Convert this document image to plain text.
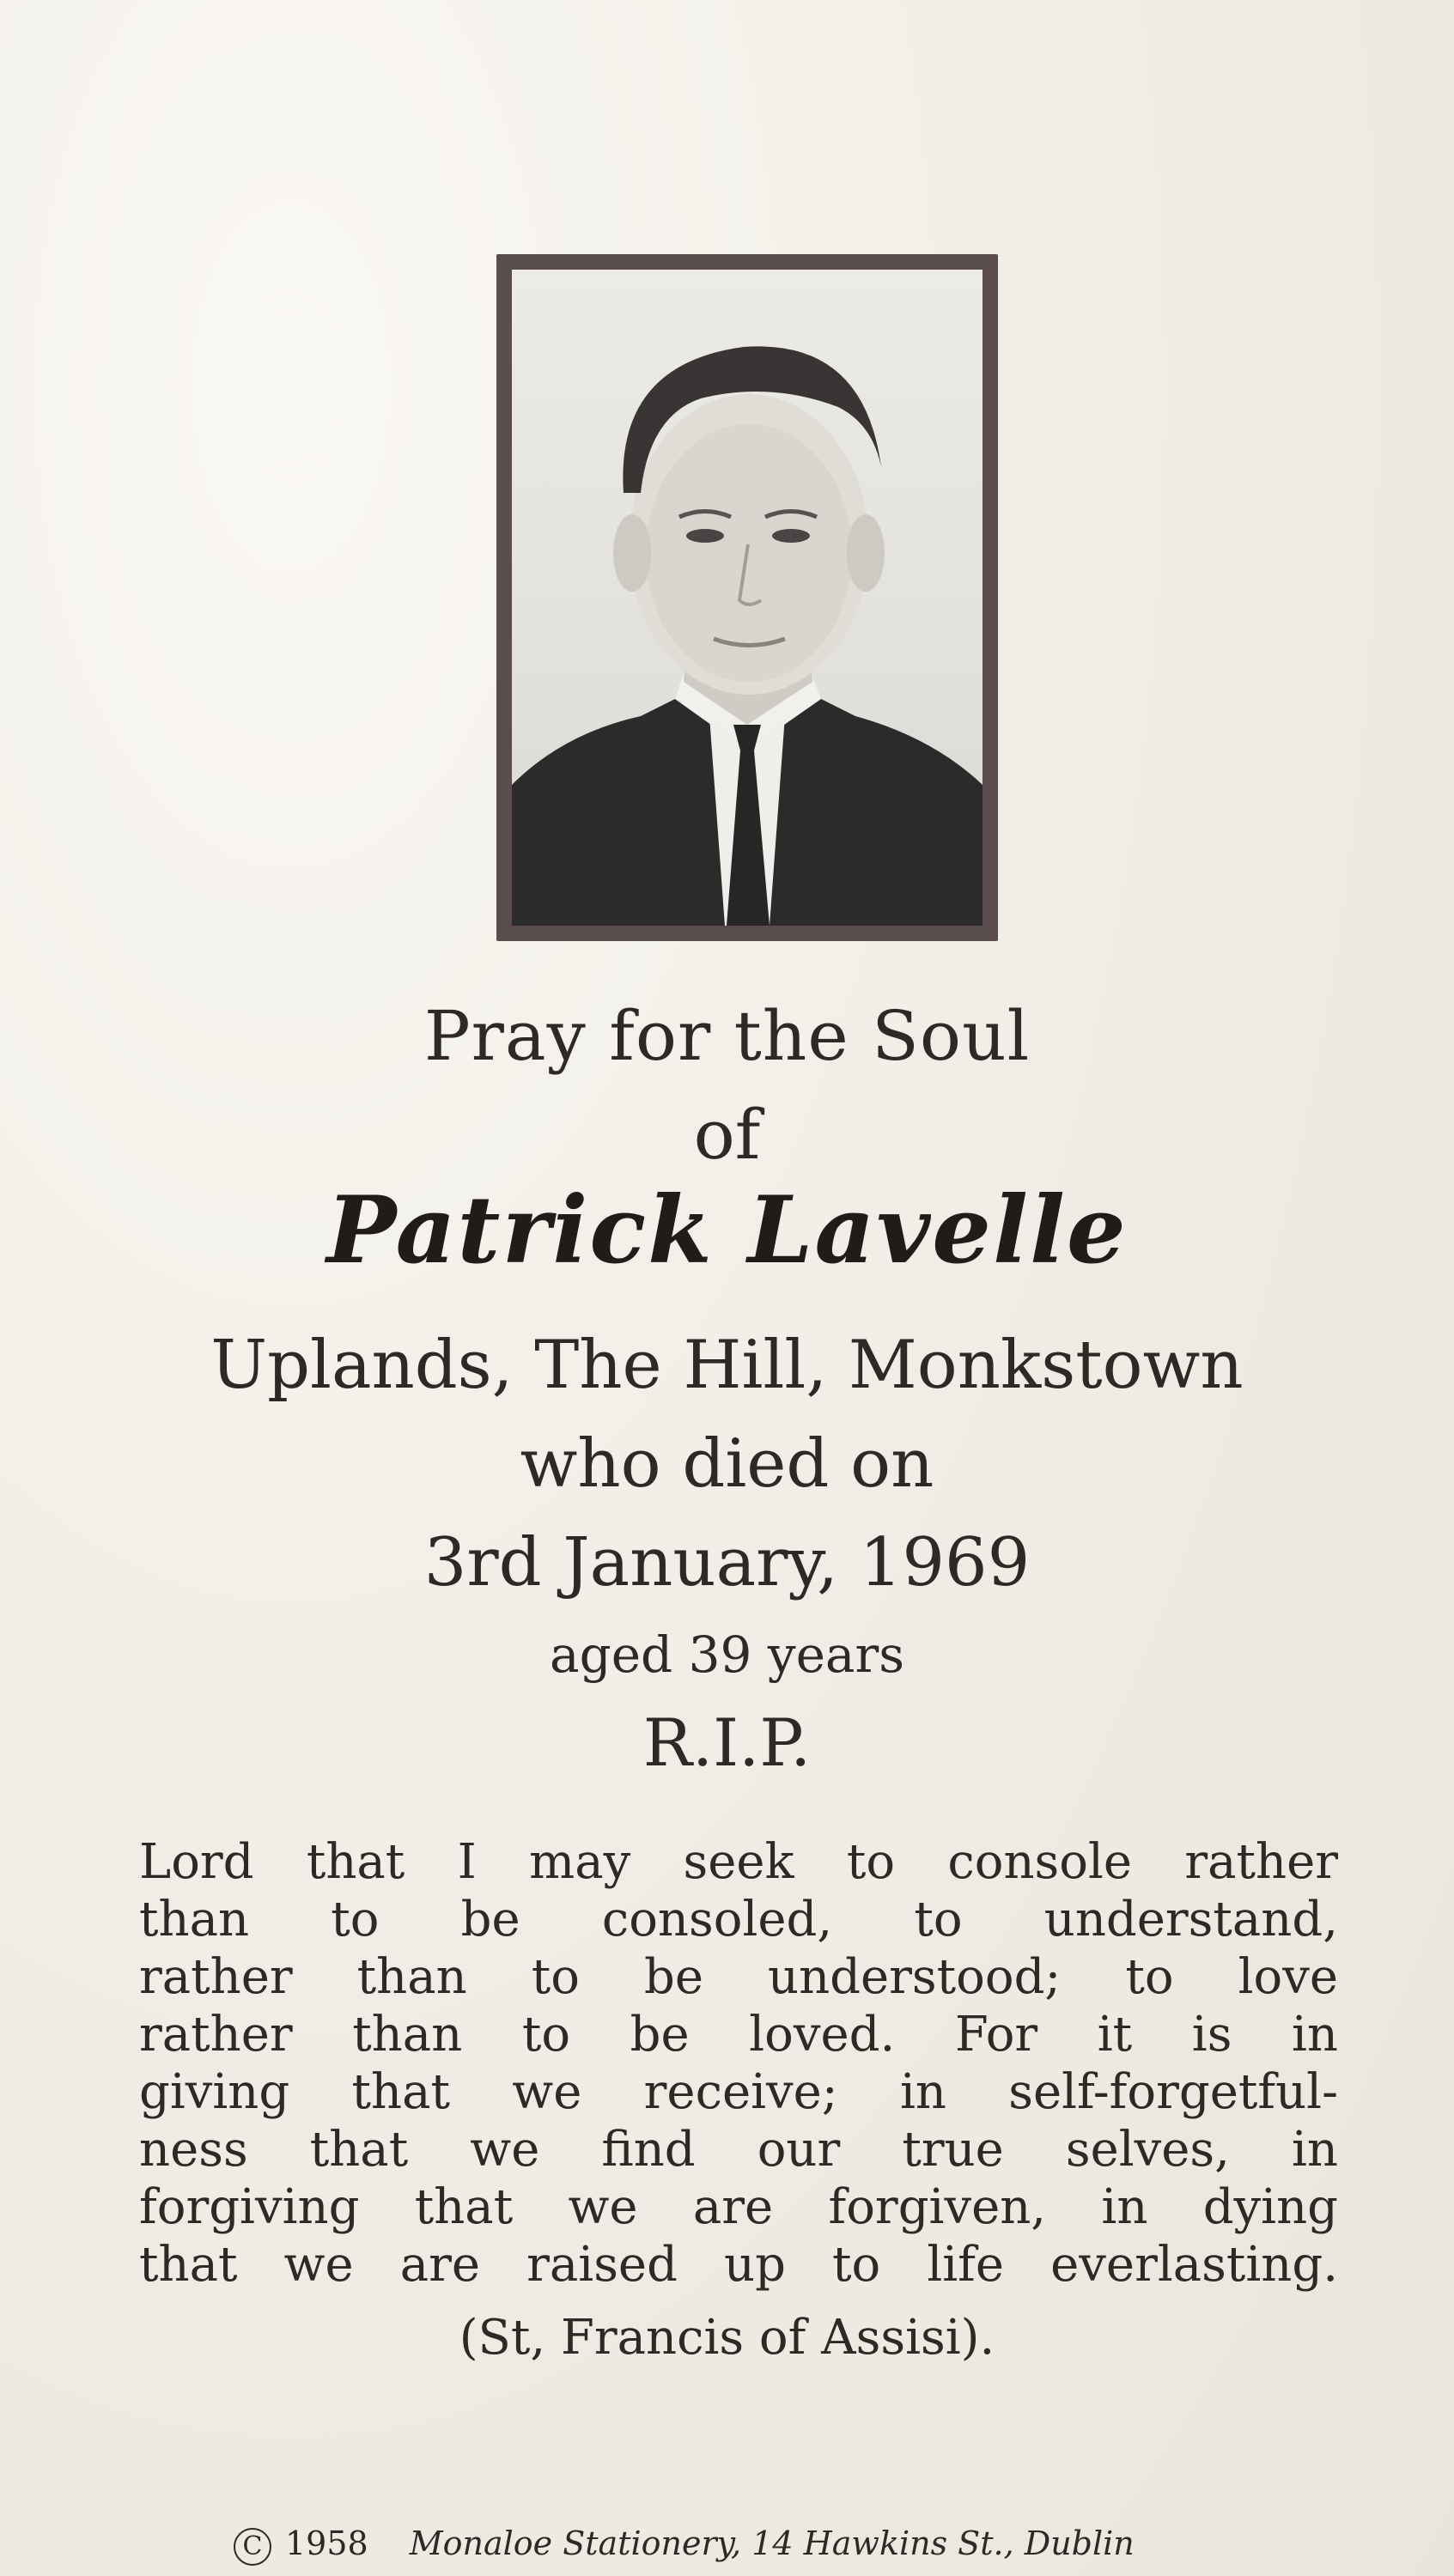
Pray for the Soul
of
Patrick Lavelle
Uplands, The Hill, Monkstown
who died on
3rd January, 1969
aged 39 years
R.I.P.
Lord that I may seek to console rather
than to be consoled, to understand,
rather than to be understood; to love
rather than to be loved. For it is in
giving that we receive; in self-forgetful-
ness that we find our true selves, in
forgiving that we are forgiven, in dying
that we are raised up to life everlasting.
(St, Francis of Assisi).
C 1958 Monaloe Stationery, 14 Hawkins St., Dublin
